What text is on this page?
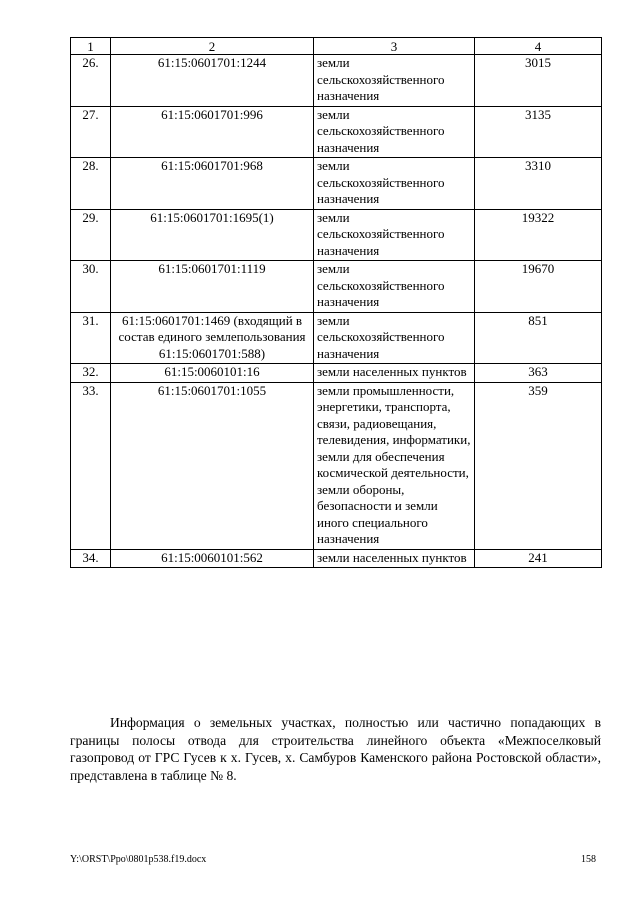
1	2	3	4
26.	61:15:0601701:1244	земли сельскохозяйственного назначения	3015
27.	61:15:0601701:996	земли сельскохозяйственного назначения	3135
28.	61:15:0601701:968	земли сельскохозяйственного назначения	3310
29.	61:15:0601701:1695(1)	земли сельскохозяйственного назначения	19322
30.	61:15:0601701:1119	земли сельскохозяйственного назначения	19670
31.	61:15:0601701:1469 (входящий в состав единого землепользования 61:15:0601701:588)	земли сельскохозяйственного назначения	851
32.	61:15:0060101:16	земли населенных пунктов	363
33.	61:15:0601701:1055	земли промышленности, энергетики, транспорта, связи, радиовещания, телевидения, информатики, земли для обеспечения космической деятельности, земли обороны, безопасности и земли иного специального назначения	359
34.	61:15:0060101:562	земли населенных пунктов	241

Информация о земельных участках, полностью или частично попадающих в границы полосы отвода для строительства линейного объекта «Межпоселковый газопровод от ГРС Гусев к х. Гусев, х. Самбуров Каменского района Ростовской области», представлена в таблице № 8.

Y:\ORST\Ppo\0801p538.f19.docx	158
